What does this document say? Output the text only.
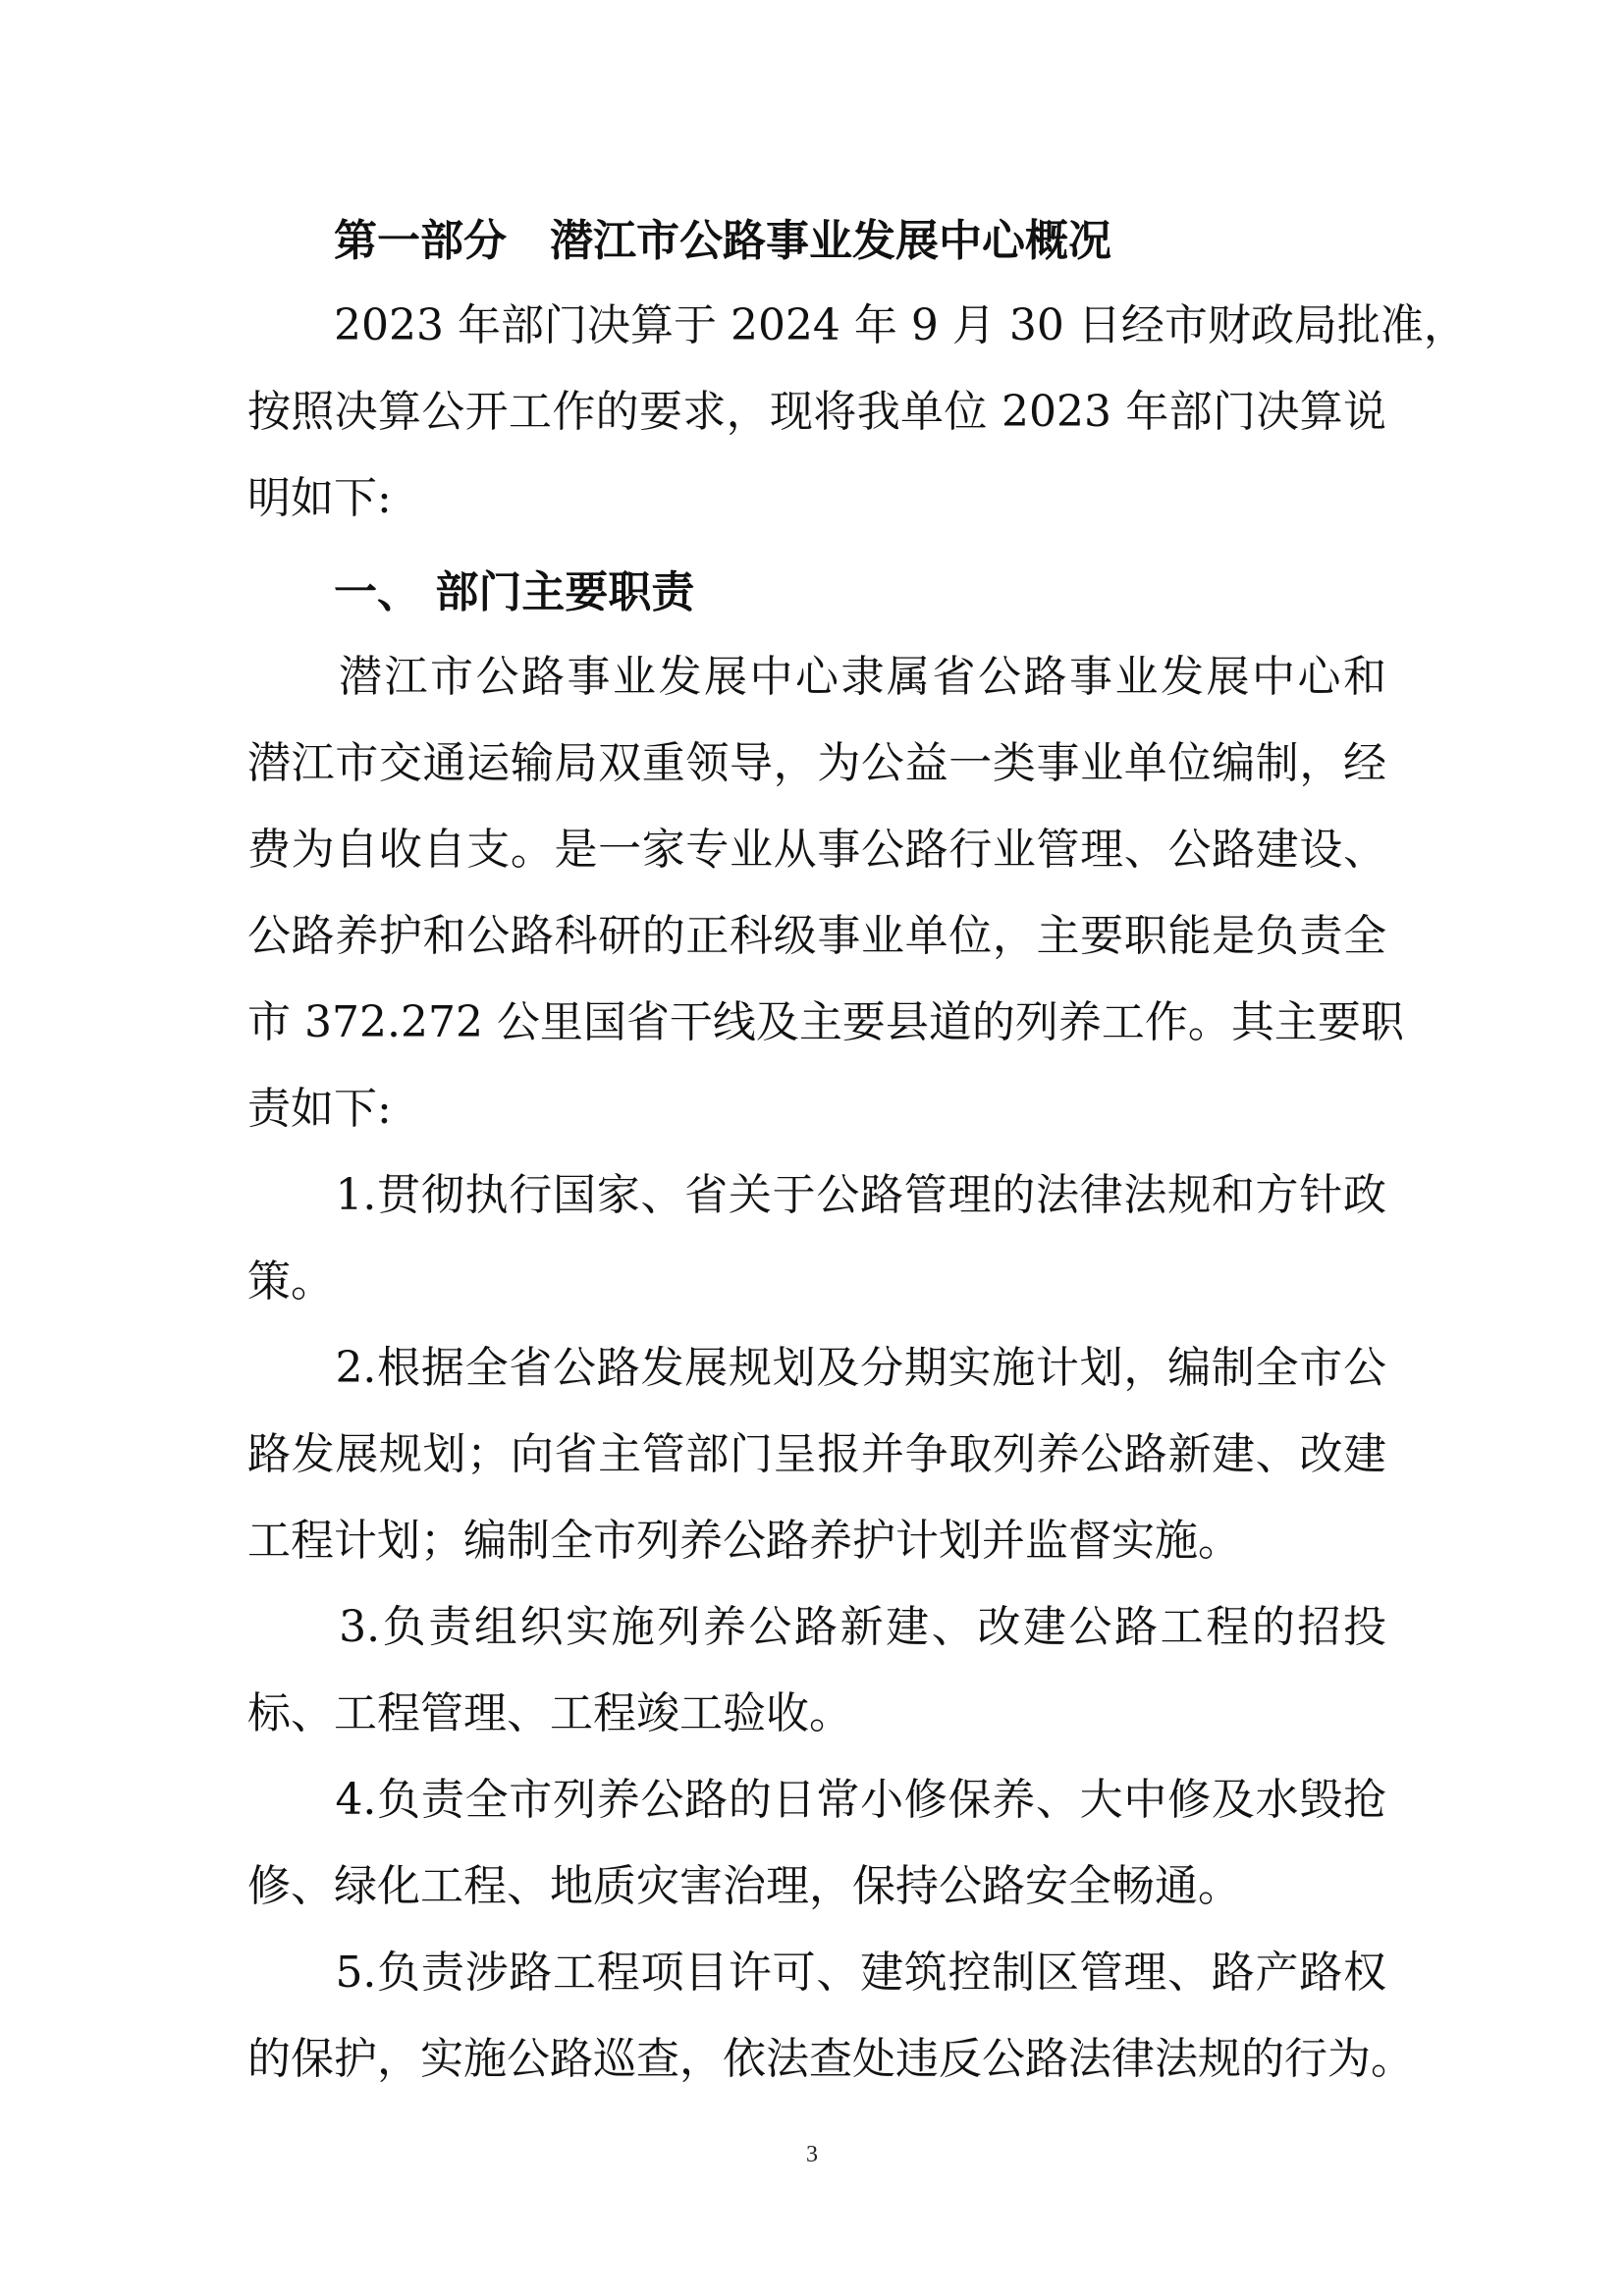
第一部分　潜江市公路事业发展中心概况

　　2023 年部门决算于 2024 年 9 月 30 日经市财政局批准，

按照决算公开工作的要求，现将我单位 2023 年部门决算说

明如下:

一、 部门主要职责

　　潜江市公路事业发展中心隶属省公路事业发展中心和

潜江市交通运输局双重领导，为公益一类事业单位编制，经

费为自收自支。是一家专业从事公路行业管理、公路建设、

公路养护和公路科研的正科级事业单位，主要职能是负责全

市 372.272 公里国省干线及主要县道的列养工作。其主要职

责如下:

　　1.贯彻执行国家、省关于公路管理的法律法规和方针政

策。

　　2.根据全省公路发展规划及分期实施计划，编制全市公

路发展规划；向省主管部门呈报并争取列养公路新建、改建

工程计划；编制全市列养公路养护计划并监督实施。

　　3.负责组织实施列养公路新建、改建公路工程的招投

标、工程管理、工程竣工验收。

　　4.负责全市列养公路的日常小修保养、大中修及水毁抢

修、绿化工程、地质灾害治理，保持公路安全畅通。

　　5.负责涉路工程项目许可、建筑控制区管理、路产路权

的保护，实施公路巡查，依法查处违反公路法律法规的行为。

3
